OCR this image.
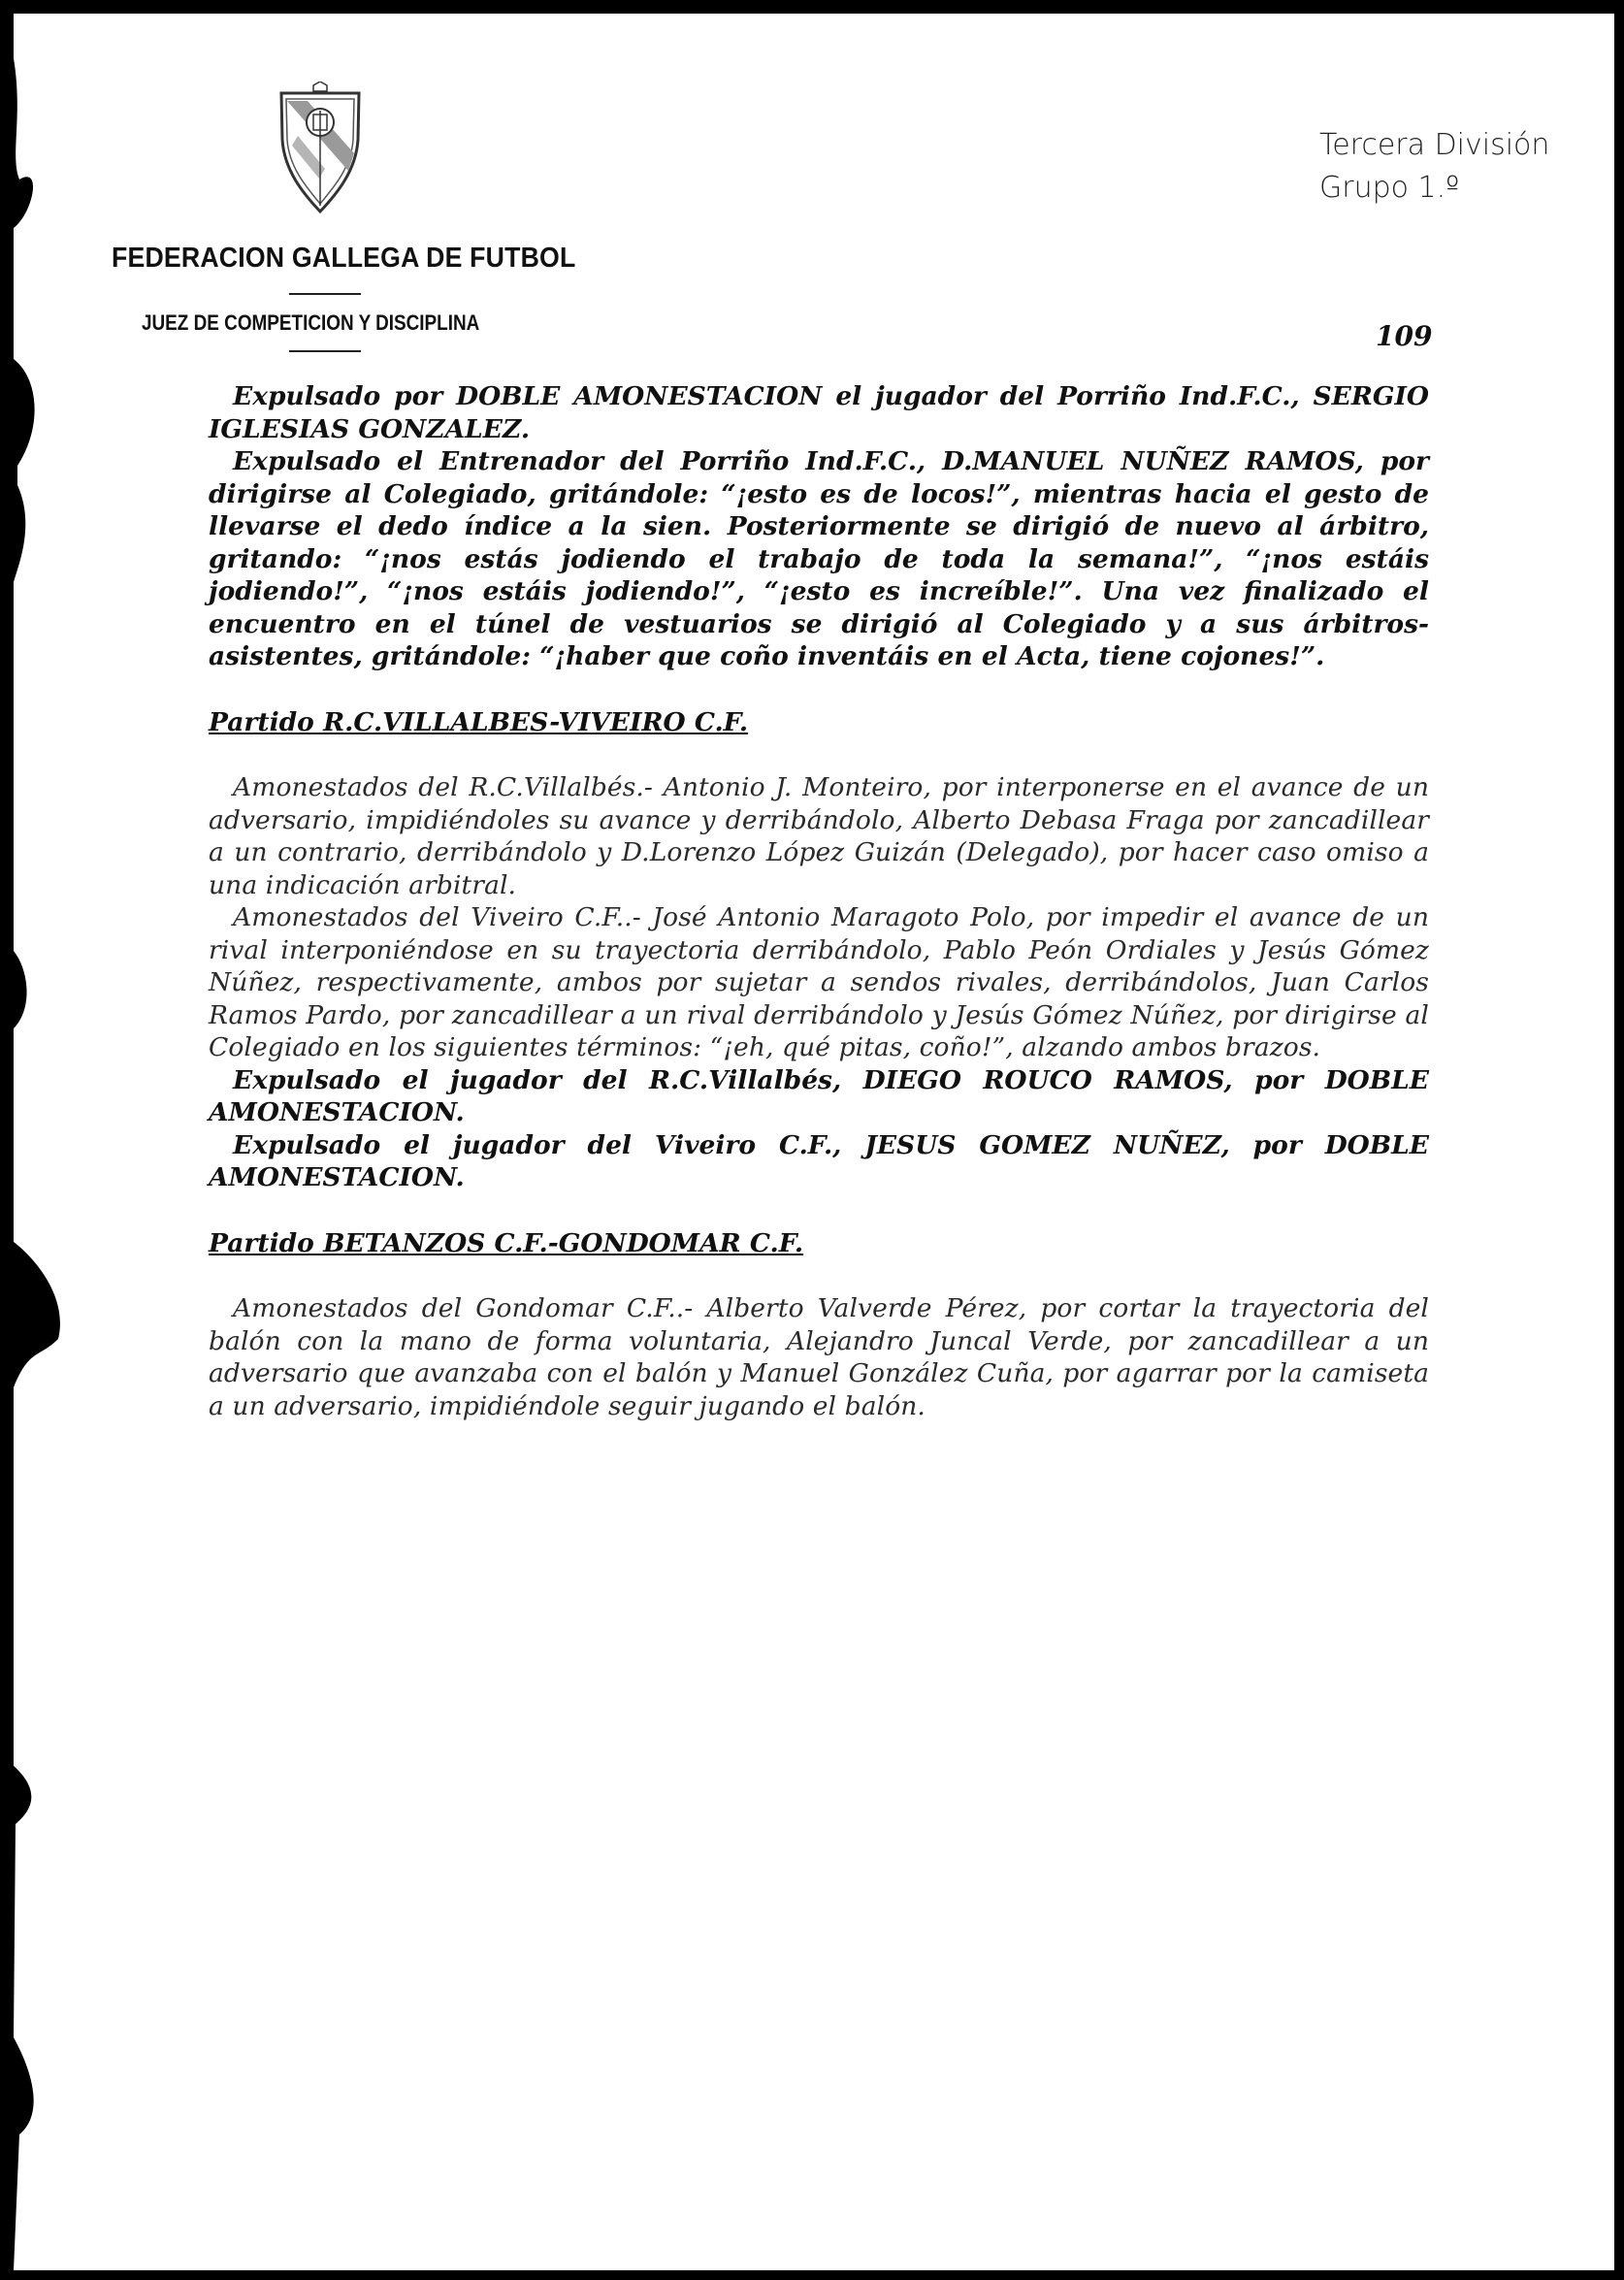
FEDERACION GALLEGA DE FUTBOL
JUEZ DE COMPETICION Y DISCIPLINA
Tercera División
Grupo 1.º
109

Expulsado por DOBLE AMONESTACION el jugador del Porriño Ind.F.C., SERGIO IGLESIAS GONZALEZ.

Expulsado el Entrenador del Porriño Ind.F.C., D.MANUEL NUÑEZ RAMOS, por dirigirse al Colegiado, gritándole: “¡esto es de locos!”, mientras hacia el gesto de llevarse el dedo índice a la sien. Posteriormente se dirigió de nuevo al árbitro, gritando: “¡nos estás jodiendo el trabajo de toda la semana!”, “¡nos estáis jodiendo!”, “¡nos estáis jodiendo!”, “¡esto es increíble!”. Una vez finalizado el encuentro en el túnel de vestuarios se dirigió al Colegiado y a sus árbitros-asistentes, gritándole: “¡haber que coño inventáis en el Acta, tiene cojones!”.

Partido R.C.VILLALBES-VIVEIRO C.F.

Amonestados del R.C.Villalbés.- Antonio J. Monteiro, por interponerse en el avance de un adversario, impidiéndoles su avance y derribándolo, Alberto Debasa Fraga por zancadillear a un contrario, derribándolo y D.Lorenzo López Guizán (Delegado), por hacer caso omiso a una indicación arbitral.

Amonestados del Viveiro C.F..- José Antonio Maragoto Polo, por impedir el avance de un rival interponiéndose en su trayectoria derribándolo, Pablo Peón Ordiales y Jesús Gómez Núñez, respectivamente, ambos por sujetar a sendos rivales, derribándolos, Juan Carlos Ramos Pardo, por zancadillear a un rival derribándolo y Jesús Gómez Núñez, por dirigirse al Colegiado en los siguientes términos: “¡eh, qué pitas, coño!”, alzando ambos brazos.

Expulsado el jugador del R.C.Villalbés, DIEGO ROUCO RAMOS, por DOBLE AMONESTACION.

Expulsado el jugador del Viveiro C.F., JESUS GOMEZ NUÑEZ, por DOBLE AMONESTACION.

Partido BETANZOS C.F.-GONDOMAR C.F.

Amonestados del Gondomar C.F..- Alberto Valverde Pérez, por cortar la trayectoria del balón con la mano de forma voluntaria, Alejandro Juncal Verde, por zancadillear a un adversario que avanzaba con el balón y Manuel González Cuña, por agarrar por la camiseta a un adversario, impidiéndole seguir jugando el balón.
